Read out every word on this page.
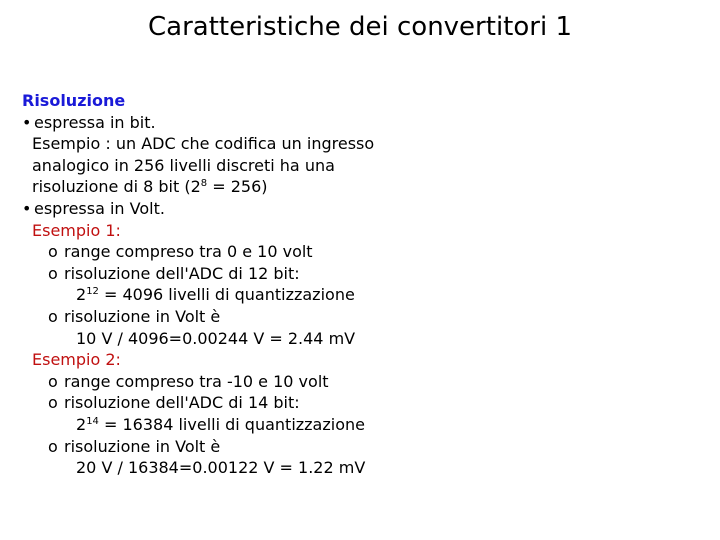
Caratteristiche dei convertitori 1
Risoluzione
• espressa in bit.
Esempio : un ADC che codifica un ingresso
analogico in 256 livelli discreti ha una
risoluzione di 8 bit $(2^8 = 256)$
• espressa in Volt.
Esempio 1:
o range compreso tra 0 e 10 volt
o risoluzione dell'ADC di 12 bit:
$2^{12} = 4096$ livelli di quantizzazione
o risoluzione in Volt è
10 V / 4096=0.00244 V = 2.44 mV
Esempio 2:
o range compreso tra -10 e 10 volt
o risoluzione dell'ADC di 14 bit:
$2^{14} = 16384$ livelli di quantizzazione
o risoluzione in Volt è
20 V / 16384=0.00122 V = 1.22 mV
